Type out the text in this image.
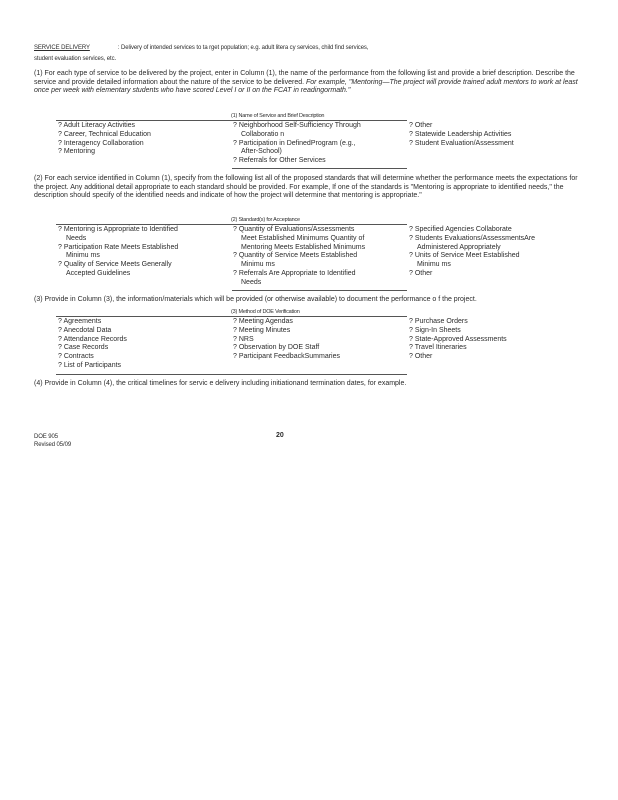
SERVICE DELIVERY	: Delivery of intended services to ta rget population; e.g. adult litera cy services, child find services,
student evaluation services, etc.
(1) For each type of service to be delivered by the project, enter in Column (1), the name of the performance from the following list and provide a brief description. Describe the service and provide detailed information about the nature of the service to be delivered. For example, "Mentoring—The project will provide trained adult mentors to work at least once per week with elementary students who have scored Level I or II on the FCAT in readingormath."
(1) Name of Service and Brief Description
? Adult Literacy Activities
? Career, Technical Education
? Interagency Collaboration
? Mentoring
? Neighborhood Self-Sufficiency Through
Collaboratio n
? Participation in DefinedProgram (e.g.,
After-School)
? Referrals for Other Services
? Other
? Statewide Leadership Activities
? Student Evaluation/Assessment
(2) For each service identified in Column (1), specify from the following list all of the proposed standards that will determine whether the performance meets the expectations for the project. Any additional detail appropriate to each standard should be provided. For example, If one of the standards is "Mentoring is appropriate to identified needs," the description should specify of the identified needs and indicate of how the project will determine that mentoring is appropriate."
(2) Standard(s) for Acceptance
? Mentoring is Appropriate to Identified
Needs
? Participation Rate Meets Established
Minimu ms
? Quality of Service Meets Generally
Accepted Guidelines
? Quantity of Evaluations/Assessments
Meet Established Minimums Quantity of
Mentoring Meets Established Minimums
? Quantity of Service Meets Established
Minimu ms
? Referrals Are Appropriate to Identified
Needs
? Specified Agencies Collaborate
? Students Evaluations/AssessmentsAre
Administered Appropriately
? Units of Service Meet Established
Minimu ms
? Other
(3) Provide in Column (3), the information/materials which will be provided (or otherwise available) to document the performance o f the project.
(3) Method of DOE Verification
? Agreements
? Anecdotal Data
? Attendance Records
? Case Records
? Contracts
? List of Participants
? Meeting Agendas
? Meeting Minutes
? NRS
? Observation by DOE Staff
? Participant FeedbackSummaries
? Purchase Orders
? Sign-In Sheets
? State-Approved Assessments
? Travel Itineraries
? Other
(4) Provide in Column (4), the critical timelines for servic e delivery including initiationand termination dates, for example.
DOE 905
Revised 05/09
20
